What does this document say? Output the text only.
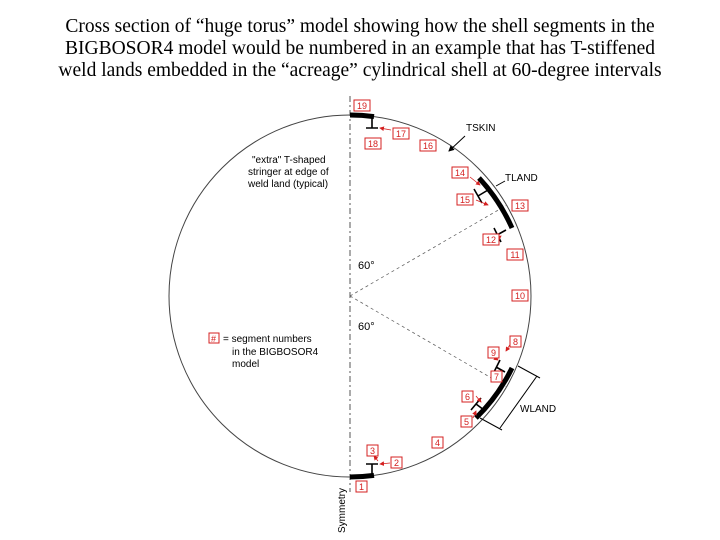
Cross section of “huge torus” model showing how the shell segments in the
BIGBOSOR4 model would be numbered in an example that has T-stiffened
weld lands embedded in the “acreage” cylindrical shell at 60-degree intervals
TSKIN
TLAND
WLAND
60°
60°
Symmetry
"extra" T-shaped
stringer at edge of
weld land (typical)
# = segment numbers
in the BIGBOSOR4
model
1
2
3
4
5
6
7
8
9
10
11
12
13
14
15
16
17
18
19
